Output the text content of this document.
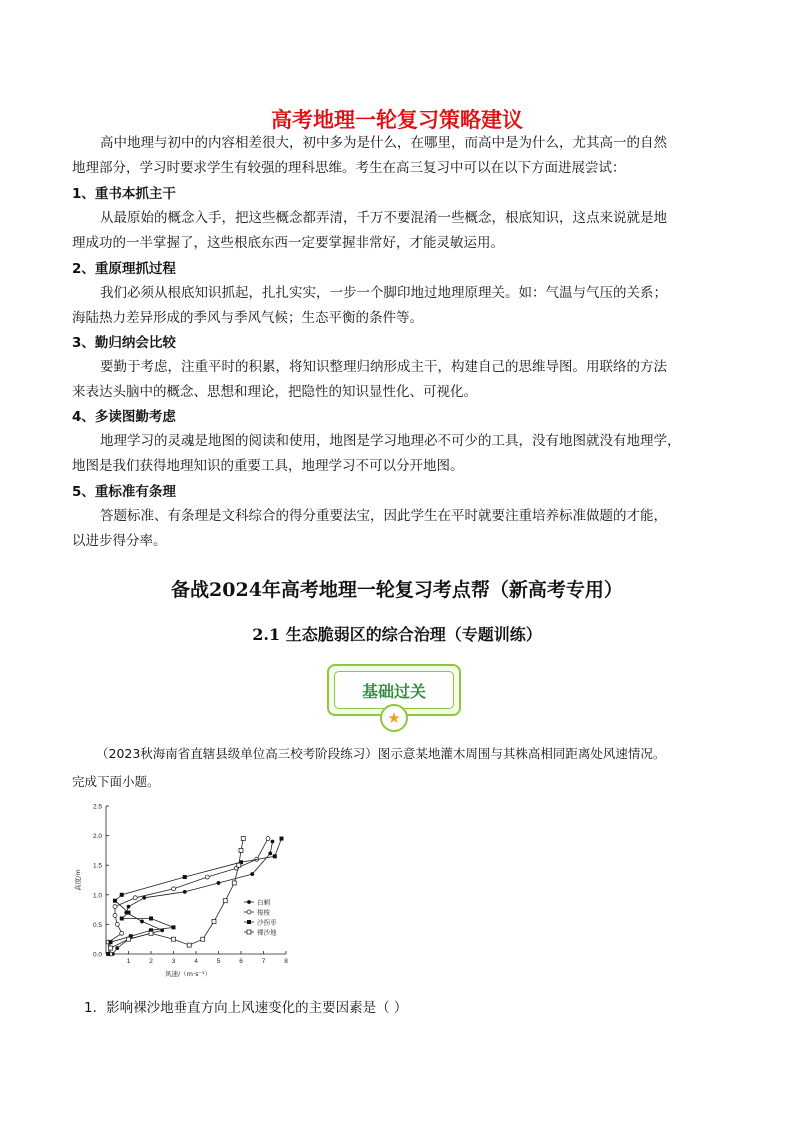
高考地理一轮复习策略建议

高中地理与初中的内容相差很大，初中多为是什么，在哪里，而高中是为什么，尤其高一的自然
地理部分，学习时要求学生有较强的理科思维。考生在高三复习中可以在以下方面进展尝试：

1、重书本抓主干

从最原始的概念入手，把这些概念都弄清，千万不要混淆一些概念，根底知识，这点来说就是地
理成功的一半掌握了，这些根底东西一定要掌握非常好，才能灵敏运用。

2、重原理抓过程

我们必须从根底知识抓起，扎扎实实，一步一个脚印地过地理原理关。如：气温与气压的关系；
海陆热力差异形成的季风与季风气候；生态平衡的条件等。

3、勤归纳会比较

要勤于考虑，注重平时的积累，将知识整理归纳形成主干，构建自己的思维导图。用联络的方法
来表达头脑中的概念、思想和理论，把隐性的知识显性化、可视化。

4、多读图勤考虑

地理学习的灵魂是地图的阅读和使用，地图是学习地理必不可少的工具，没有地图就没有地理学，
地图是我们获得地理知识的重要工具，地理学习不可以分开地图。

5、重标准有条理

答题标准、有条理是文科综合的得分重要法宝，因此学生在平时就要注重培养标准做题的才能，
以进步得分率。

备战2024年高考地理一轮复习考点帮（新高考专用）
2.1 生态脆弱区的综合治理（专题训练）
基础过关
★

（2023秋海南省直辖县级单位高三校考阶段练习）图示意某地灌木周围与其株高相同距离处风速情况。
完成下面小题。

0.0
0.5
1.0
1.5
2.0
2.5
1	2	3	4	5	6	7	8
风速/（m·s⁻¹）
高度/m
白刺
梭梭
沙拐枣
裸沙地
1．影响裸沙地垂直方向上风速变化的主要因素是（ ）
